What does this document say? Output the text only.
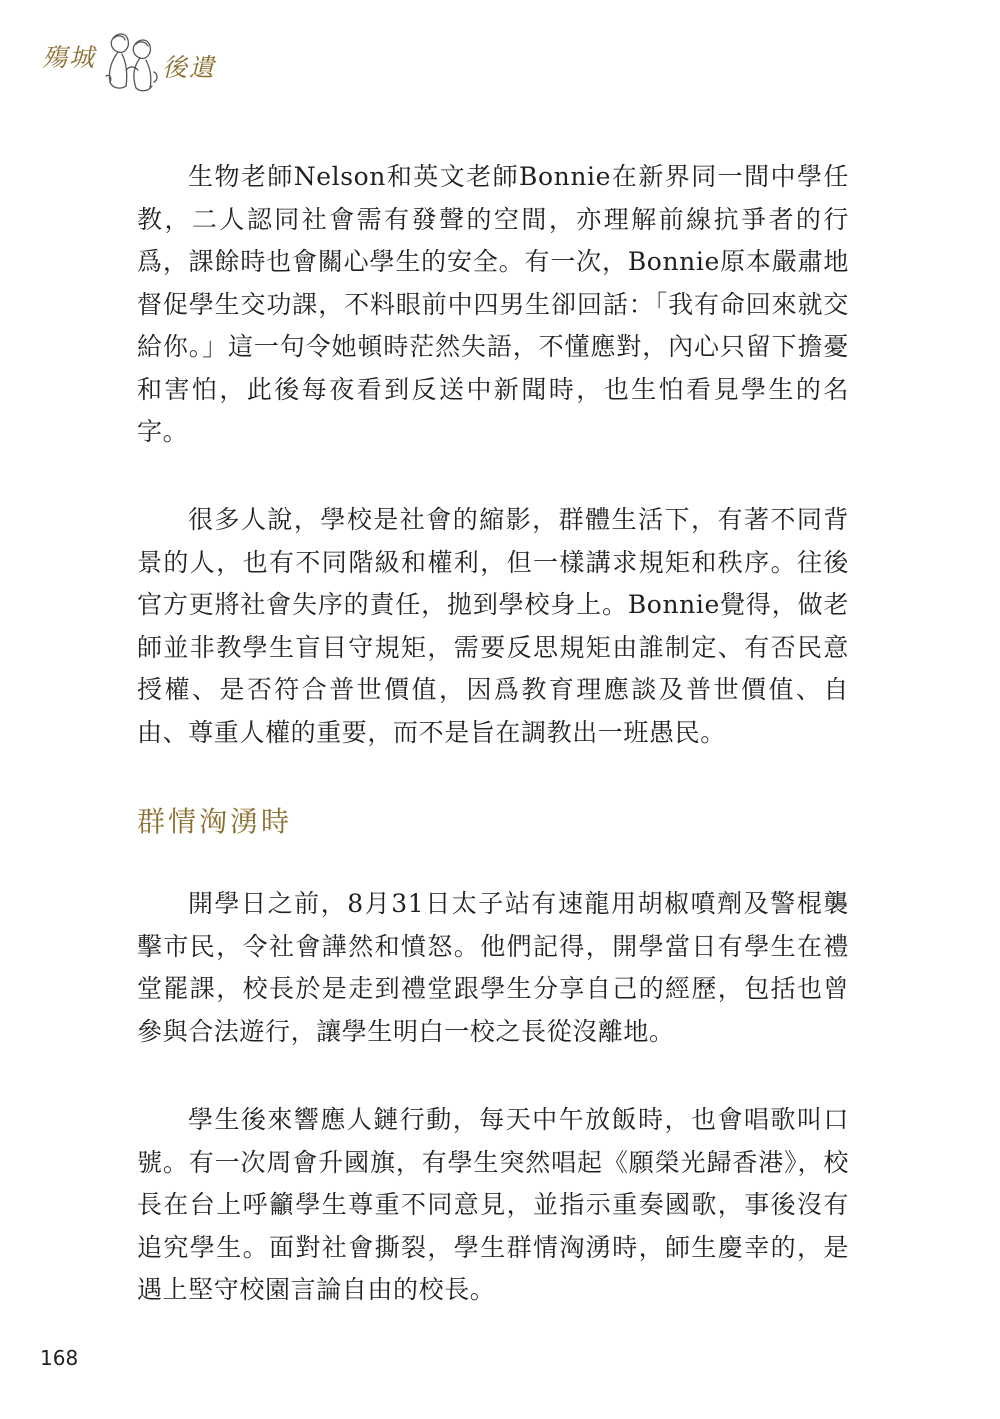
殤城	後遺

生物老師Nelson和英文老師Bonnie在新界同一間中學任教，二人認同社會需有發聲的空間，亦理解前線抗爭者的行爲，課餘時也會關心學生的安全。有一次，Bonnie原本嚴肅地督促學生交功課，不料眼前中四男生卻回話：「我有命回來就交給你。」這一句令她頓時茫然失語，不懂應對，內心只留下擔憂和害怕，此後每夜看到反送中新聞時，也生怕看見學生的名字。

很多人說，學校是社會的縮影，群體生活下，有著不同背景的人，也有不同階級和權利，但一樣講求規矩和秩序。往後官方更將社會失序的責任，拋到學校身上。Bonnie覺得，做老師並非教學生盲目守規矩，需要反思規矩由誰制定、有否民意授權、是否符合普世價值，因爲教育理應談及普世價值、自由、尊重人權的重要，而不是旨在調教出一班愚民。

群情洶湧時

開學日之前，8月31日太子站有速龍用胡椒噴劑及警棍襲擊市民，令社會譁然和憤怒。他們記得，開學當日有學生在禮堂罷課，校長於是走到禮堂跟學生分享自己的經歷，包括也曾參與合法遊行，讓學生明白一校之長從沒離地。

學生後來響應人鏈行動，每天中午放飯時，也會唱歌叫口號。有一次周會升國旗，有學生突然唱起《願榮光歸香港》，校長在台上呼籲學生尊重不同意見，並指示重奏國歌，事後沒有追究學生。面對社會撕裂，學生群情洶湧時，師生慶幸的，是遇上堅守校園言論自由的校長。

168
